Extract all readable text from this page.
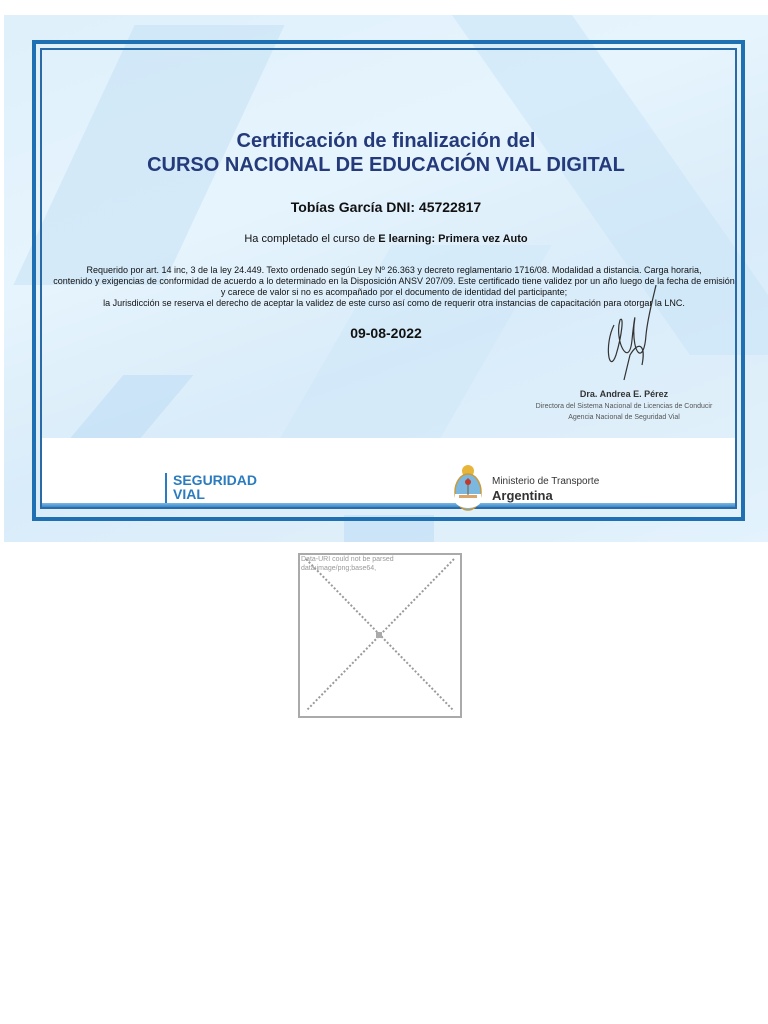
Certificación de finalización del
CURSO NACIONAL DE EDUCACIÓN VIAL DIGITAL
Tobías García DNI: 45722817
Ha completado el curso de E learning: Primera vez Auto
Requerido por art. 14 inc, 3 de la ley 24.449. Texto ordenado según Ley Nº 26.363 y decreto reglamentario 1716/08. Modalidad a distancia. Carga horaria,
contenido y exigencias de conformidad de acuerdo a lo determinado en la Disposición ANSV 207/09. Este certificado tiene validez por un año luego de la fecha de emisión
y carece de valor si no es acompañado por el documento de identidad del participante;
la Jurisdicción se reserva el derecho de aceptar la validez de este curso así como de requerir otra instancias de capacitación para otorgar la LNC.
09-08-2022
Dra. Andrea E. Pérez
Directora del Sistema Nacional de Licencias de Conducir
Agencia Nacional de Seguridad Vial
SEGURIDAD
VIAL
Ministerio de Transporte
Argentina
Data-URI could not be parsed
data:image/png;base64,
